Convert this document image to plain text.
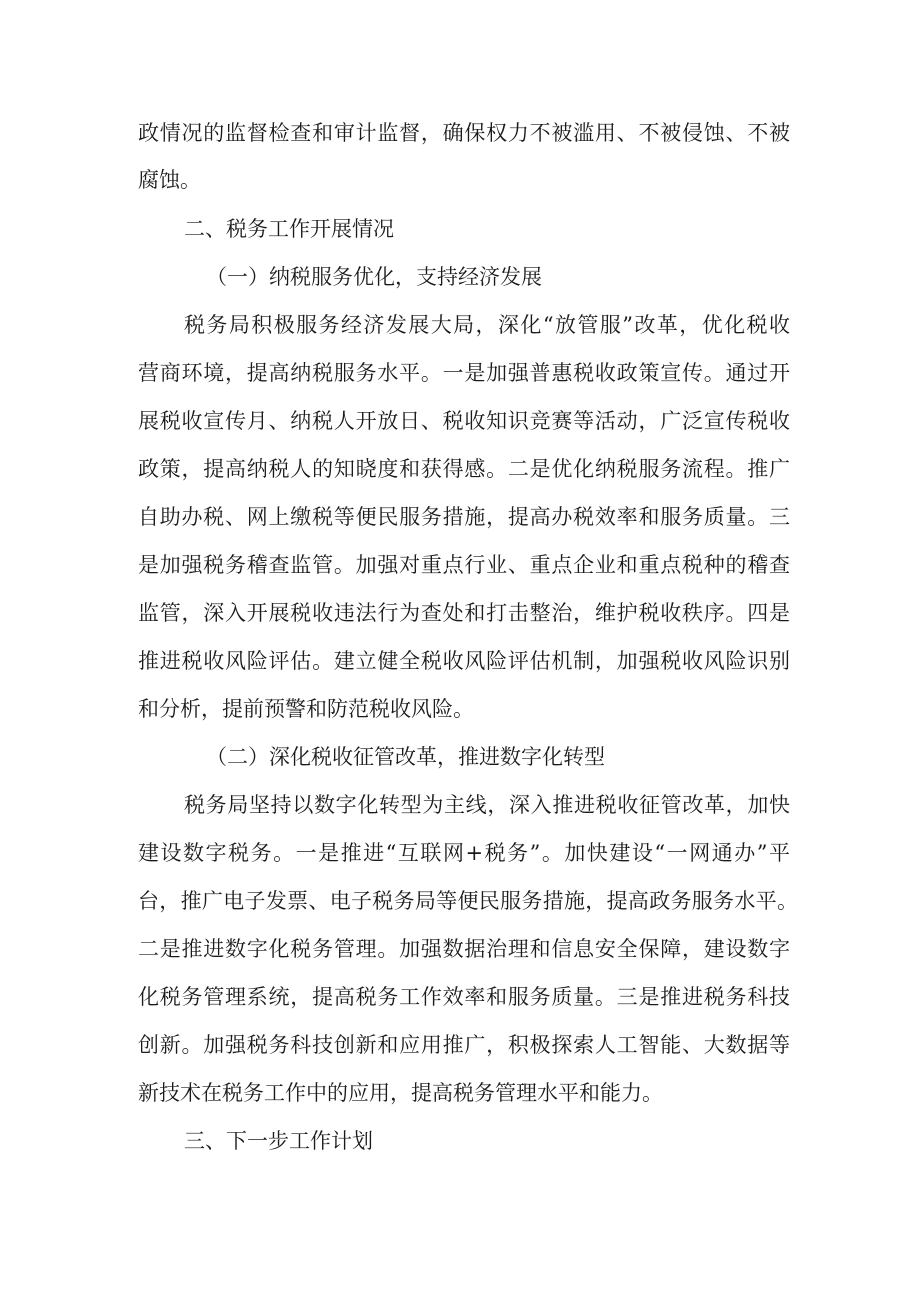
政情况的监督检查和审计监督，确保权力不被滥用、不被侵蚀、不被
腐蚀。
二、税务工作开展情况
（一）纳税服务优化，支持经济发展
税务局积极服务经济发展大局，深化“放管服”改革，优化税收
营商环境，提高纳税服务水平。一是加强普惠税收政策宣传。通过开
展税收宣传月、纳税人开放日、税收知识竞赛等活动，广泛宣传税收
政策，提高纳税人的知晓度和获得感。二是优化纳税服务流程。推广
自助办税、网上缴税等便民服务措施，提高办税效率和服务质量。三
是加强税务稽查监管。加强对重点行业、重点企业和重点税种的稽查
监管，深入开展税收违法行为查处和打击整治，维护税收秩序。四是
推进税收风险评估。建立健全税收风险评估机制，加强税收风险识别
和分析，提前预警和防范税收风险。
（二）深化税收征管改革，推进数字化转型
税务局坚持以数字化转型为主线，深入推进税收征管改革，加快
建设数字税务。一是推进“互联网+税务”。加快建设“一网通办”平
台，推广电子发票、电子税务局等便民服务措施，提高政务服务水平。
二是推进数字化税务管理。加强数据治理和信息安全保障，建设数字
化税务管理系统，提高税务工作效率和服务质量。三是推进税务科技
创新。加强税务科技创新和应用推广，积极探索人工智能、大数据等
新技术在税务工作中的应用，提高税务管理水平和能力。
三、下一步工作计划
